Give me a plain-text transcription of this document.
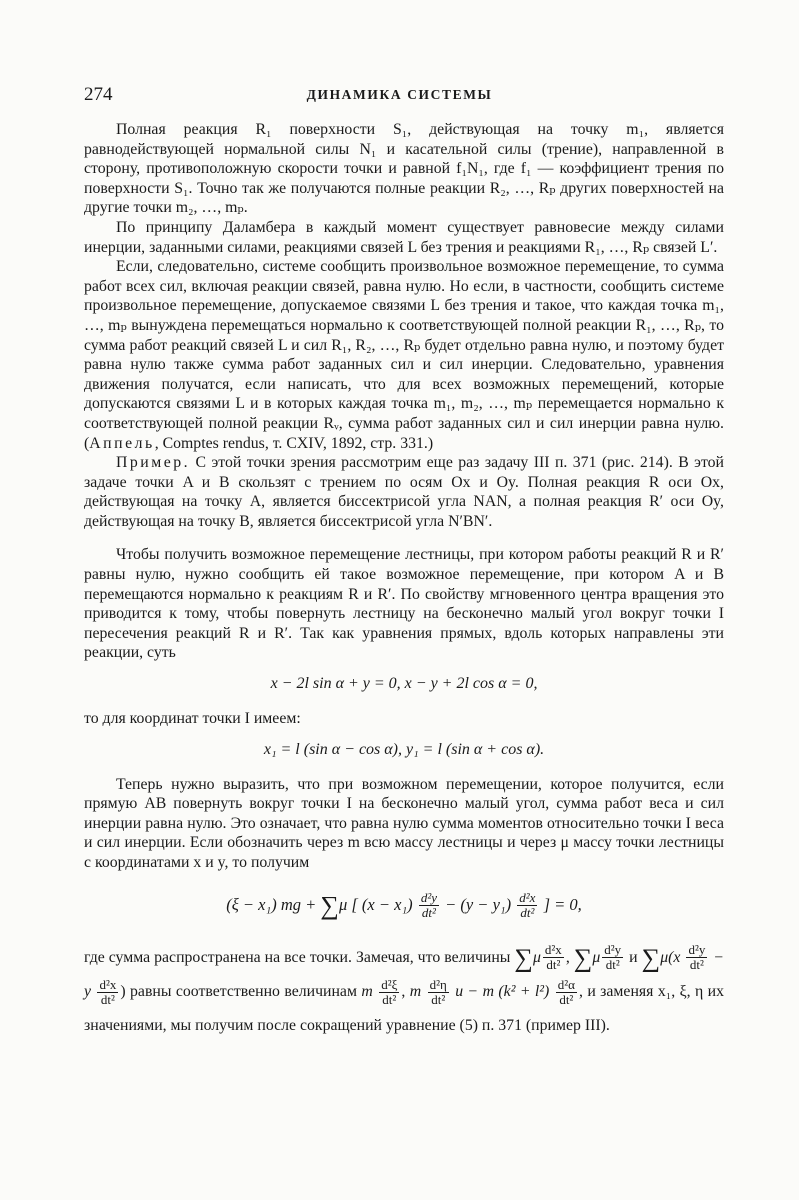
274	ДИНАМИКА СИСТЕМЫ

Полная реакция R₁ поверхности S₁, действующая на точку m₁, является равнодействующей нормальной силы N₁ и касательной силы (трение), направленной в сторону, противоположную скорости точки и равной f₁N₁, где f₁ — коэффициент трения по поверхности S₁. Точно так же получаются полные реакции R₂, …, Rₚ других поверхностей на другие точки m₂, …, mₚ.

По принципу Даламбера в каждый момент существует равновесие между силами инерции, заданными силами, реакциями связей L без трения и реакциями R₁, …, Rₚ связей L′.

Если, следовательно, системе сообщить произвольное возможное перемещение, то сумма работ всех сил, включая реакции связей, равна нулю. Но если, в частности, сообщить системе произвольное перемещение, допускаемое связями L без трения и такое, что каждая точка m₁, …, mₚ вынуждена перемещаться нормально к соответствующей полной реакции R₁, …, Rₚ, то сумма работ реакций связей L и сил R₁, R₂, …, Rₚ будет отдельно равна нулю, и поэтому будет равна нулю также сумма работ заданных сил и сил инерции. Следовательно, уравнения движения получатся, если написать, что для всех возможных перемещений, которые допускаются связями L и в которых каждая точка m₁, m₂, …, mₚ перемещается нормально к соответствующей полной реакции Rᵥ, сумма работ заданных сил и сил инерции равна нулю. (Аппель, Comptes rendus, т. CXIV, 1892, стр. 331.)

Пример. С этой точки зрения рассмотрим еще раз задачу III п. 371 (рис. 214). В этой задаче точки A и B скользят с трением по осям Ox и Oy. Полная реакция R оси Ox, действующая на точку A, является биссектрисой угла NAN, а полная реакция R′ оси Oy, действующая на точку B, является биссектрисой угла N′BN′.

Чтобы получить возможное перемещение лестницы, при котором работы реакций R и R′ равны нулю, нужно сообщить ей такое возможное перемещение, при котором A и B перемещаются нормально к реакциям R и R′. По свойству мгновенного центра вращения это приводится к тому, чтобы повернуть лестницу на бесконечно малый угол вокруг точки I пересечения реакций R и R′. Так как уравнения прямых, вдоль которых направлены эти реакции, суть

x − 2l sin α + y = 0, x − y + 2l cos α = 0,

то для координат точки I имеем:

x₁ = l (sin α − cos α), y₁ = l (sin α + cos α).

Теперь нужно выразить, что при возможном перемещении, которое получится, если прямую AB повернуть вокруг точки I на бесконечно малый угол, сумма работ веса и сил инерции равна нулю. Это означает, что равна нулю сумма моментов относительно точки I веса и сил инерции. Если обозначить через m всю массу лестницы и через μ массу точки лестницы с координатами x и y, то получим

(ξ − x₁) mg + ∑μ [ $(x - x_1) \frac{\text{d²y}}{\text{dt²}} - (y - y_1) \frac{\text{d²x}}{\text{dt²}}$ ] = 0,
где сумма распространена на все точки. Замечая, что величины $\sum\mu \frac{\text{d²x}}{\text{dt²}}$ , $\sum\mu \frac{\text{d²y}}{\text{dt²}}$ и $\sum\mu(x \frac{\text{d²y}}{\text{dt²}} - y \frac{\text{d²x}}{\text{dt²}}$ ) равны соответственно величинам m $\frac{\text{d²ξ}}{\text{dt²}}$ , m $\frac{\text{d²η}}{\text{dt²}}$ и − m $(k^2 + l^2) \frac{\text{d²α}}{\text{dt²}}$ , и заменяя x₁, ξ, η их значениями, мы получим после сокращений уравнение (5) п. 371 (пример III).
